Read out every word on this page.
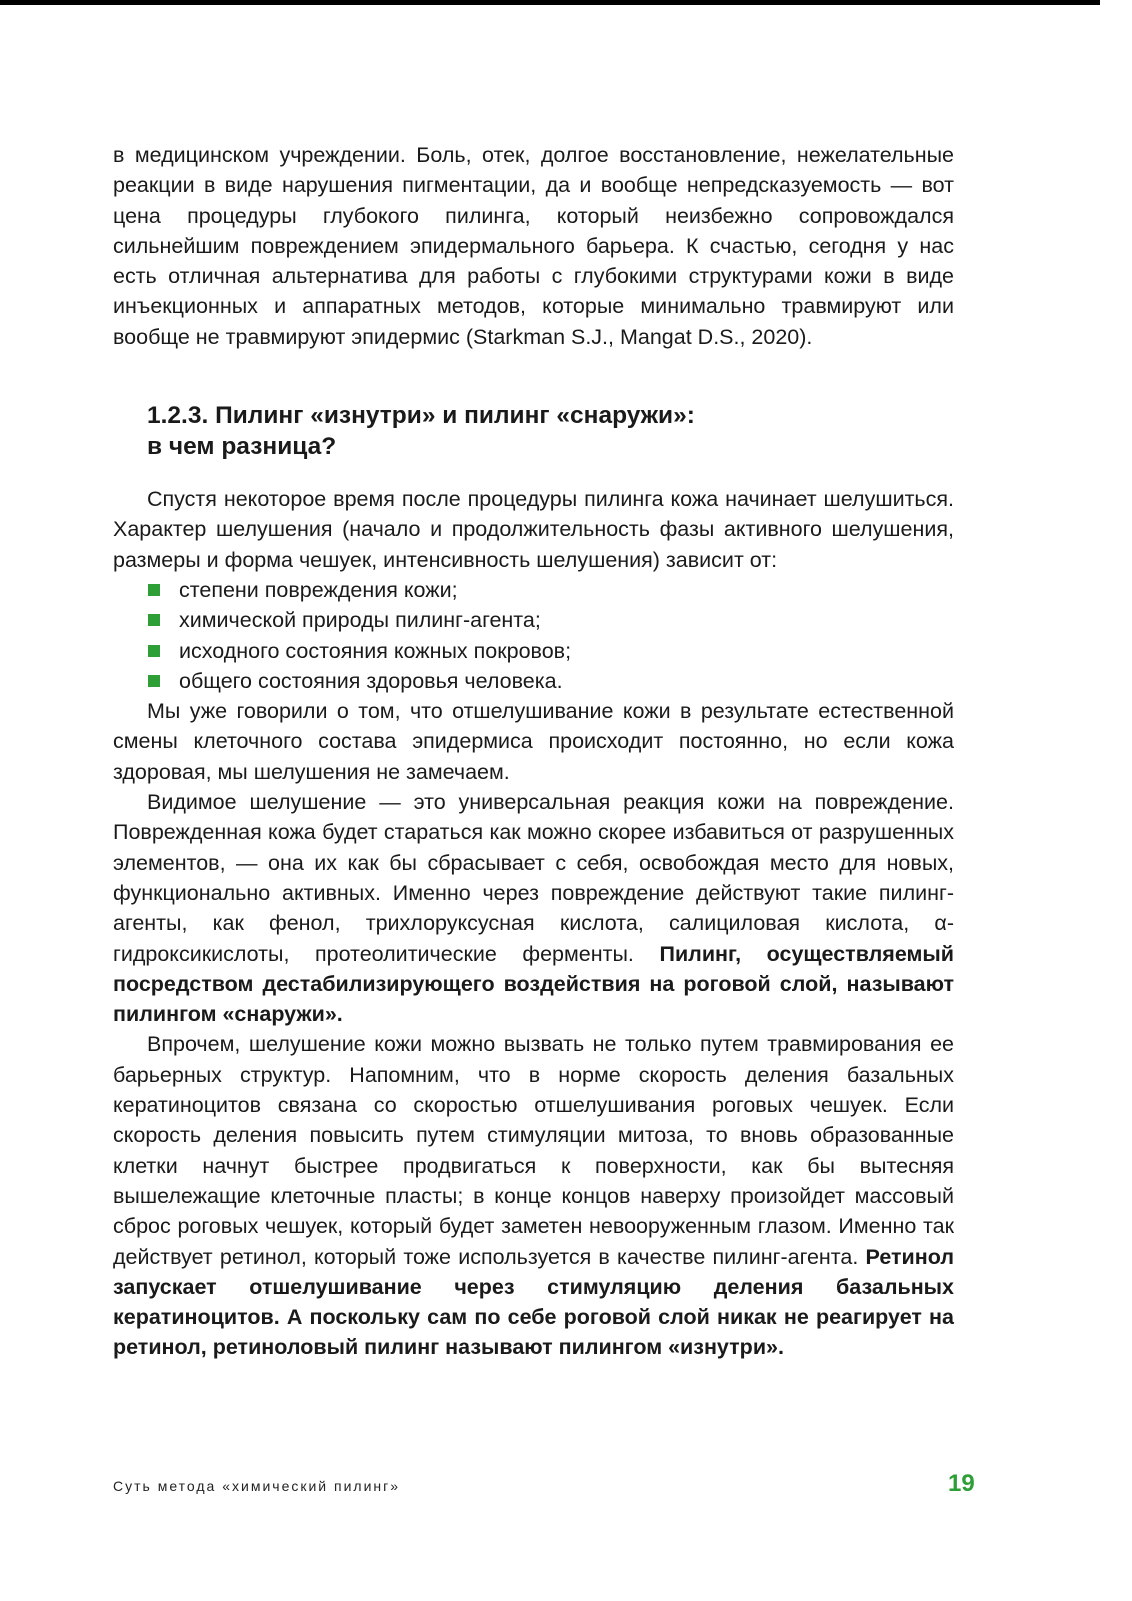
в медицинском учреждении. Боль, отек, долгое восстановление, нежелательные реакции в виде нарушения пигментации, да и вообще непредсказуемость — вот цена процедуры глубокого пилинга, который неизбежно сопровождался сильнейшим повреждением эпидермального барьера. К счастью, сегодня у нас есть отличная альтернатива для работы с глубокими структурами кожи в виде инъекционных и аппаратных методов, которые минимально травмируют или вообще не травмируют эпидермис (Starkman S.J., Mangat D.S., 2020).

1.2.3. Пилинг «изнутри» и пилинг «снаружи»:
в чем разница?

Спустя некоторое время после процедуры пилинга кожа начинает шелушиться. Характер шелушения (начало и продолжительность фазы активного шелушения, размеры и форма чешуек, интенсивность шелушения) зависит от:

степени повреждения кожи;
химической природы пилинг-агента;
исходного состояния кожных покровов;
общего состояния здоровья человека.

Мы уже говорили о том, что отшелушивание кожи в результате естественной смены клеточного состава эпидермиса происходит постоянно, но если кожа здоровая, мы шелушения не замечаем.

Видимое шелушение — это универсальная реакция кожи на повреждение. Поврежденная кожа будет стараться как можно скорее избавиться от разрушенных элементов, — она их как бы сбрасывает с себя, освобождая место для новых, функционально активных. Именно через повреждение действуют такие пилинг-агенты, как фенол, трихлоруксусная кислота, салициловая кислота, α-гидроксикислоты, протеолитические ферменты. Пилинг, осуществляемый посредством дестабилизирующего воздействия на роговой слой, называют пилингом «снаружи».

Впрочем, шелушение кожи можно вызвать не только путем травмирования ее барьерных структур. Напомним, что в норме скорость деления базальных кератиноцитов связана со скоростью отшелушивания роговых чешуек. Если скорость деления повысить путем стимуляции митоза, то вновь образованные клетки начнут быстрее продвигаться к поверхности, как бы вытесняя вышележащие клеточные пласты; в конце концов наверху произойдет массовый сброс роговых чешуек, который будет заметен невооруженным глазом. Именно так действует ретинол, который тоже используется в качестве пилинг-агента. Ретинол запускает отшелушивание через стимуляцию деления базальных кератиноцитов. А поскольку сам по себе роговой слой никак не реагирует на ретинол, ретиноловый пилинг называют пилингом «изнутри».

Суть метода «химический пилинг»	19
